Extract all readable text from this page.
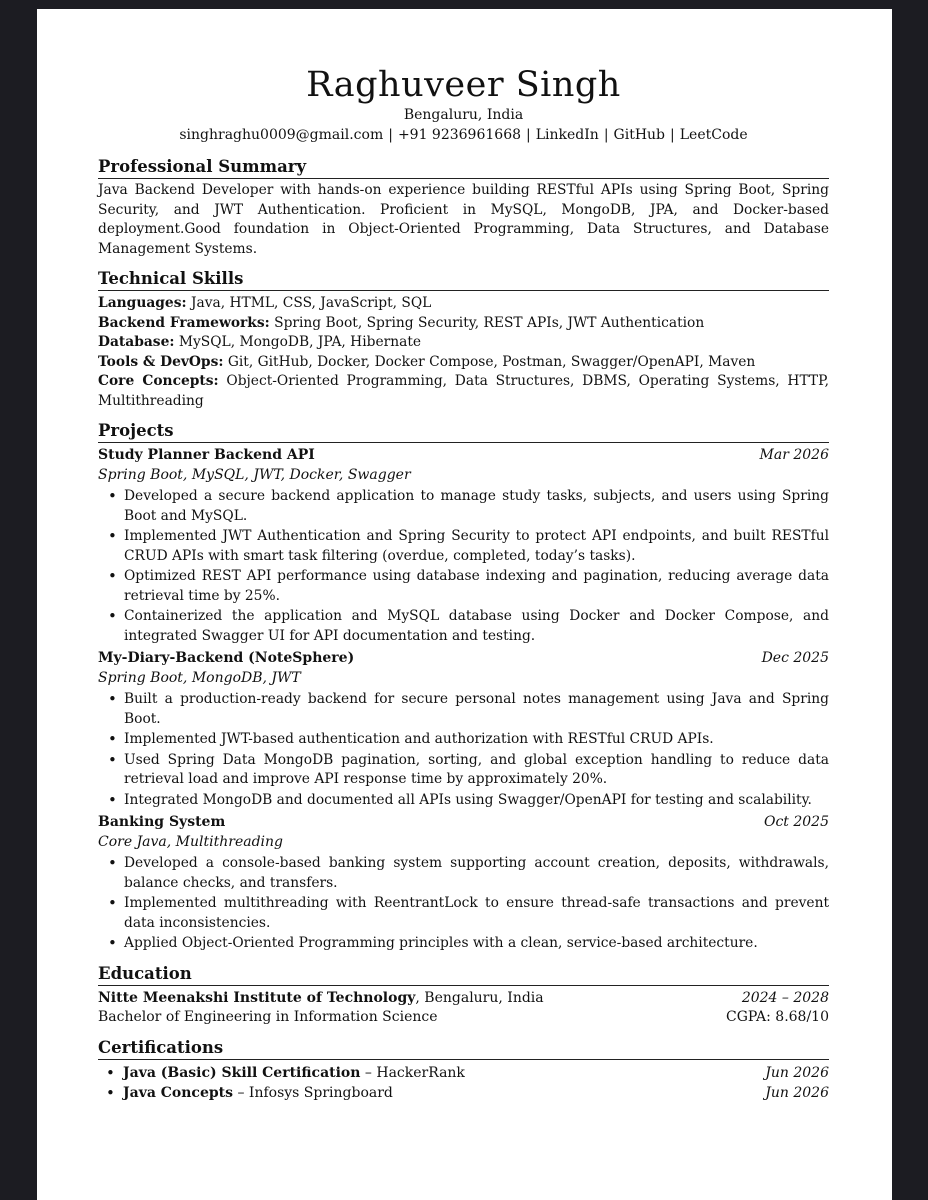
Raghuveer Singh
Bengaluru, India
singhraghu0009@gmail.com | +91 9236961668 | LinkedIn | GitHub | LeetCode
Professional Summary
Java Backend Developer with hands-on experience building RESTful APIs using Spring Boot, Spring Security, and JWT Authentication. Proficient in MySQL, MongoDB, JPA, and Docker-based deployment.Good foundation in Object-Oriented Programming, Data Structures, and Database Management Systems.
Technical Skills
Languages: Java, HTML, CSS, JavaScript, SQL
Backend Frameworks: Spring Boot, Spring Security, REST APIs, JWT Authentication
Database: MySQL, MongoDB, JPA, Hibernate
Tools & DevOps: Git, GitHub, Docker, Docker Compose, Postman, Swagger/OpenAPI, Maven
Core Concepts: Object-Oriented Programming, Data Structures, DBMS, Operating Systems, HTTP, Multithreading
Projects
Study Planner Backend API	Mar 2026
Spring Boot, MySQL, JWT, Docker, Swagger
• Developed a secure backend application to manage study tasks, subjects, and users using Spring Boot and MySQL.
• Implemented JWT Authentication and Spring Security to protect API endpoints, and built RESTful CRUD APIs with smart task filtering (overdue, completed, today’s tasks).
• Optimized REST API performance using database indexing and pagination, reducing average data retrieval time by 25%.
• Containerized the application and MySQL database using Docker and Docker Compose, and integrated Swagger UI for API documentation and testing.
My-Diary-Backend (NoteSphere)	Dec 2025
Spring Boot, MongoDB, JWT
• Built a production-ready backend for secure personal notes management using Java and Spring Boot.
• Implemented JWT-based authentication and authorization with RESTful CRUD APIs.
• Used Spring Data MongoDB pagination, sorting, and global exception handling to reduce data retrieval load and improve API response time by approximately 20%.
• Integrated MongoDB and documented all APIs using Swagger/OpenAPI for testing and scalability.
Banking System	Oct 2025
Core Java, Multithreading
• Developed a console-based banking system supporting account creation, deposits, withdrawals, balance checks, and transfers.
• Implemented multithreading with ReentrantLock to ensure thread-safe transactions and prevent data inconsistencies.
• Applied Object-Oriented Programming principles with a clean, service-based architecture.
Education
Nitte Meenakshi Institute of Technology, Bengaluru, India	2024 – 2028
Bachelor of Engineering in Information Science	CGPA: 8.68/10
Certifications
• Java (Basic) Skill Certification – HackerRank	Jun 2026
• Java Concepts – Infosys Springboard	Jun 2026
